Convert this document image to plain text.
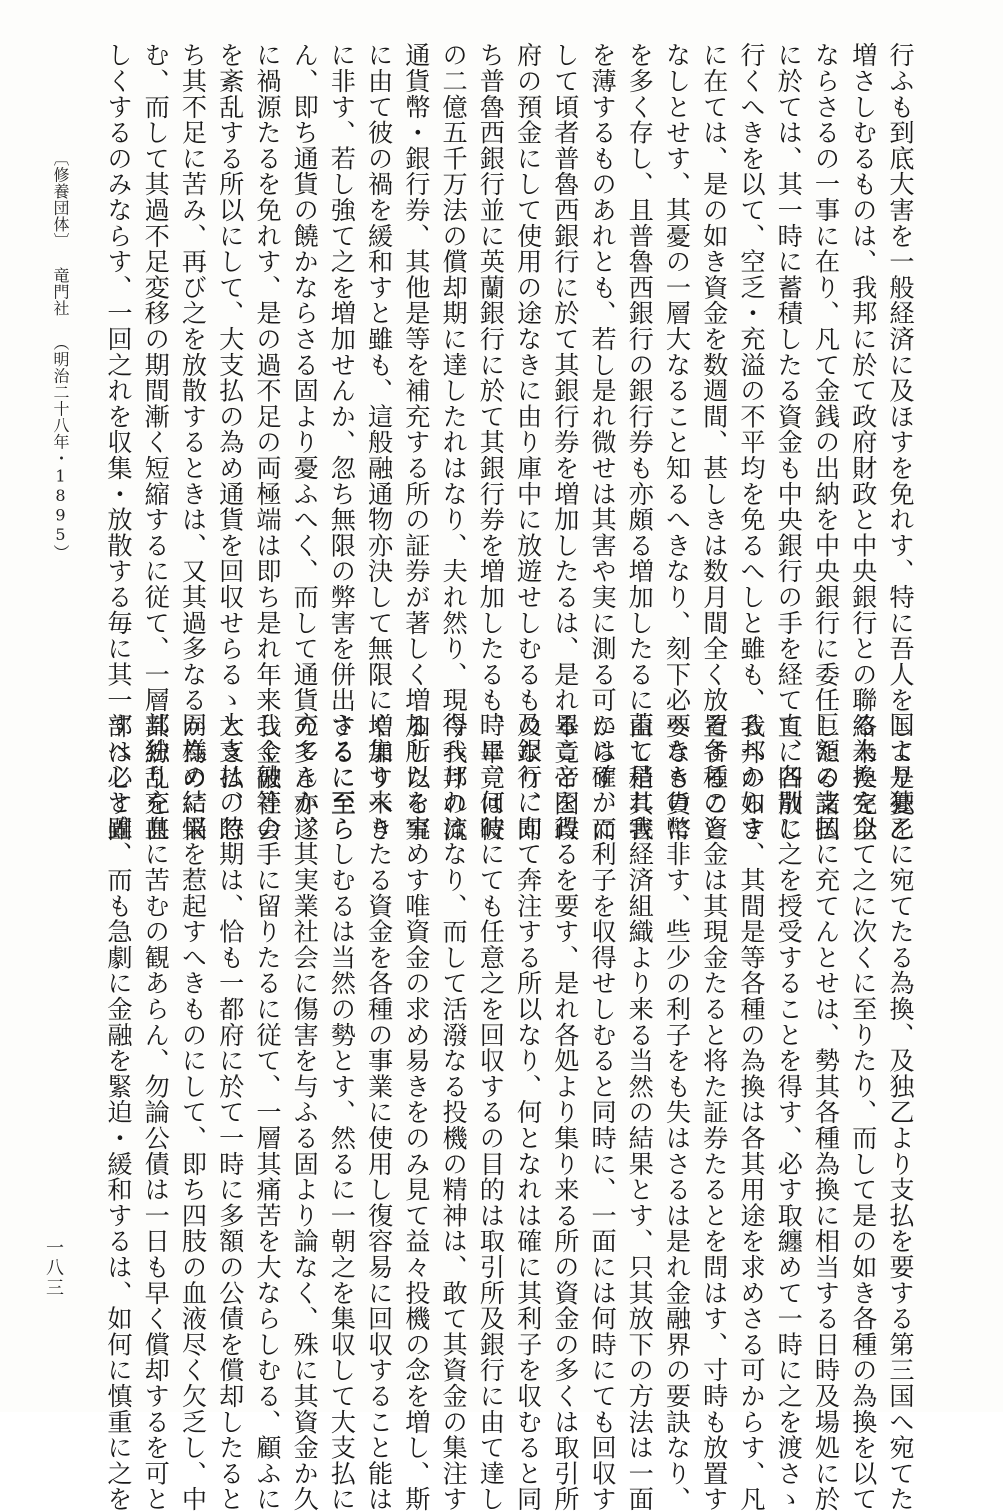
行ふも到底大害を一般経済に及ほすを免れす、特に吾人をして是憂を
増さしむるものは、我邦に於て政府財政と中央銀行との聯絡未た完全
ならさるの一事に在り、凡て金銭の出納を中央銀行に委任したる諸国
に於ては、其一時に蓄積したる資金も中央銀行の手を経て直に四散し
行くへきを以て、空乏・充溢の不平均を免るへしと雖も、我邦の如き
に在ては、是の如き資金を数週間、甚しきは数月間全く放置すること
なしとせす、其憂の一層大なること知るへきなり、刻下必要なき貨幣
を多く存し、且普魯西銀行の銀行券も亦頗る増加したるに由て稍其害
を薄するものあれとも、若し是れ微せは其害や実に測る可からす、而
して頃者普魯西銀行に於て其銀行券を増加したるは、是れ畢竟帝国政
府の預金にして使用の途なきに由り庫中に放遊せしむるものなり、即
ち普魯西銀行並に英蘭銀行に於て其銀行券を増加したるも、畢竟は彼
の二億五千万法の償却期に達したれはなり、夫れ然り、現今我邦の流
通貨幣・銀行券、其他是等を補充する所の証券が著しく増加したる事
に由て彼の禍を緩和すと雖も、這般融通物亦決して無限に増加すへき
に非す、若し強て之を増加せんか、忽ち無限の弊害を併出するに至ら
ん、即ち通貨の饒かならさる固より憂ふへく、而して通貨の多き亦遂
に禍源たるを免れす、是の過不足の両極端は即ち是れ年来我金融社会
を紊乱する所以にして、大支払の為め通貨を回収せらるゝときは、忽
ち其不足に苦み、再び之を放散するときは、又其過多なるか為めに悩
む、而して其過不足変移の期間漸く短縮するに従て、一層其紛乱を甚
しくするのみならす、一回之れを収集・放散する毎に其一部は必す固
国より独乙に宛てたる為換、及独乙より支払を要する第三国へ宛てた
る為換を以て之に次くに至りたり、而して是の如き各種の為換を以て
巨額の支払に充てんとせは、勢其各種為換に相当する日時及場処に於
て、各別に之を授受することを得す、必す取纏めて一時に之を渡さゝ
るへからす、其間是等各種の為換は各其用途を求めさる可からす、凡
そ各種の資金は其現金たると将た証券たるとを問はす、寸時も放置す
へきものに非す、些少の利子をも失はさるは是れ金融界の要訣なり、
蓋し是れ我経済組織より来る当然の結果とす、只其放下の方法は一面
には確かに利子を収得せしむると同時に、一面には何時にても回収す
ることを得るを要す、是れ各処より集り来る所の資金の多くは取引所
及銀行に向て奔注する所以なり、何となれは確に其利子を収むると同
時に、何時にても任意之を回収するの目的は取引所及銀行に由て達し
得へけれはなり、而して活潑なる投機の精神は、敢て其資金の集注す
る所以を究めす唯資金の求め易きをのみ見て益々投機の念を増し、斯
く集り来りたる資金を各種の事業に使用し復容易に回収すること能は
さるに至らしむるは当然の勢とす、然るに一朝之を集収して大支払に
充てんか、其実業社会に傷害を与ふる固より論なく、殊に其資金か久
しく彼等の手に留りたるに従て、一層其痛苦を大ならしむる、顧ふに
大支払の時期は、恰も一都府に於て一時に多額の公債を償却したると
同様の結果を惹起すへきものにして、即ち四肢の血液尽く欠乏し、中
部独り充血に苦むの観あらん、勿論公債は一日も早く償却するを可と
すへしと雖、而も急劇に金融を緊迫・緩和するは、如何に慎重に之を
〔修養団体〕竜門社（明治二十八年・1895）
一八三
